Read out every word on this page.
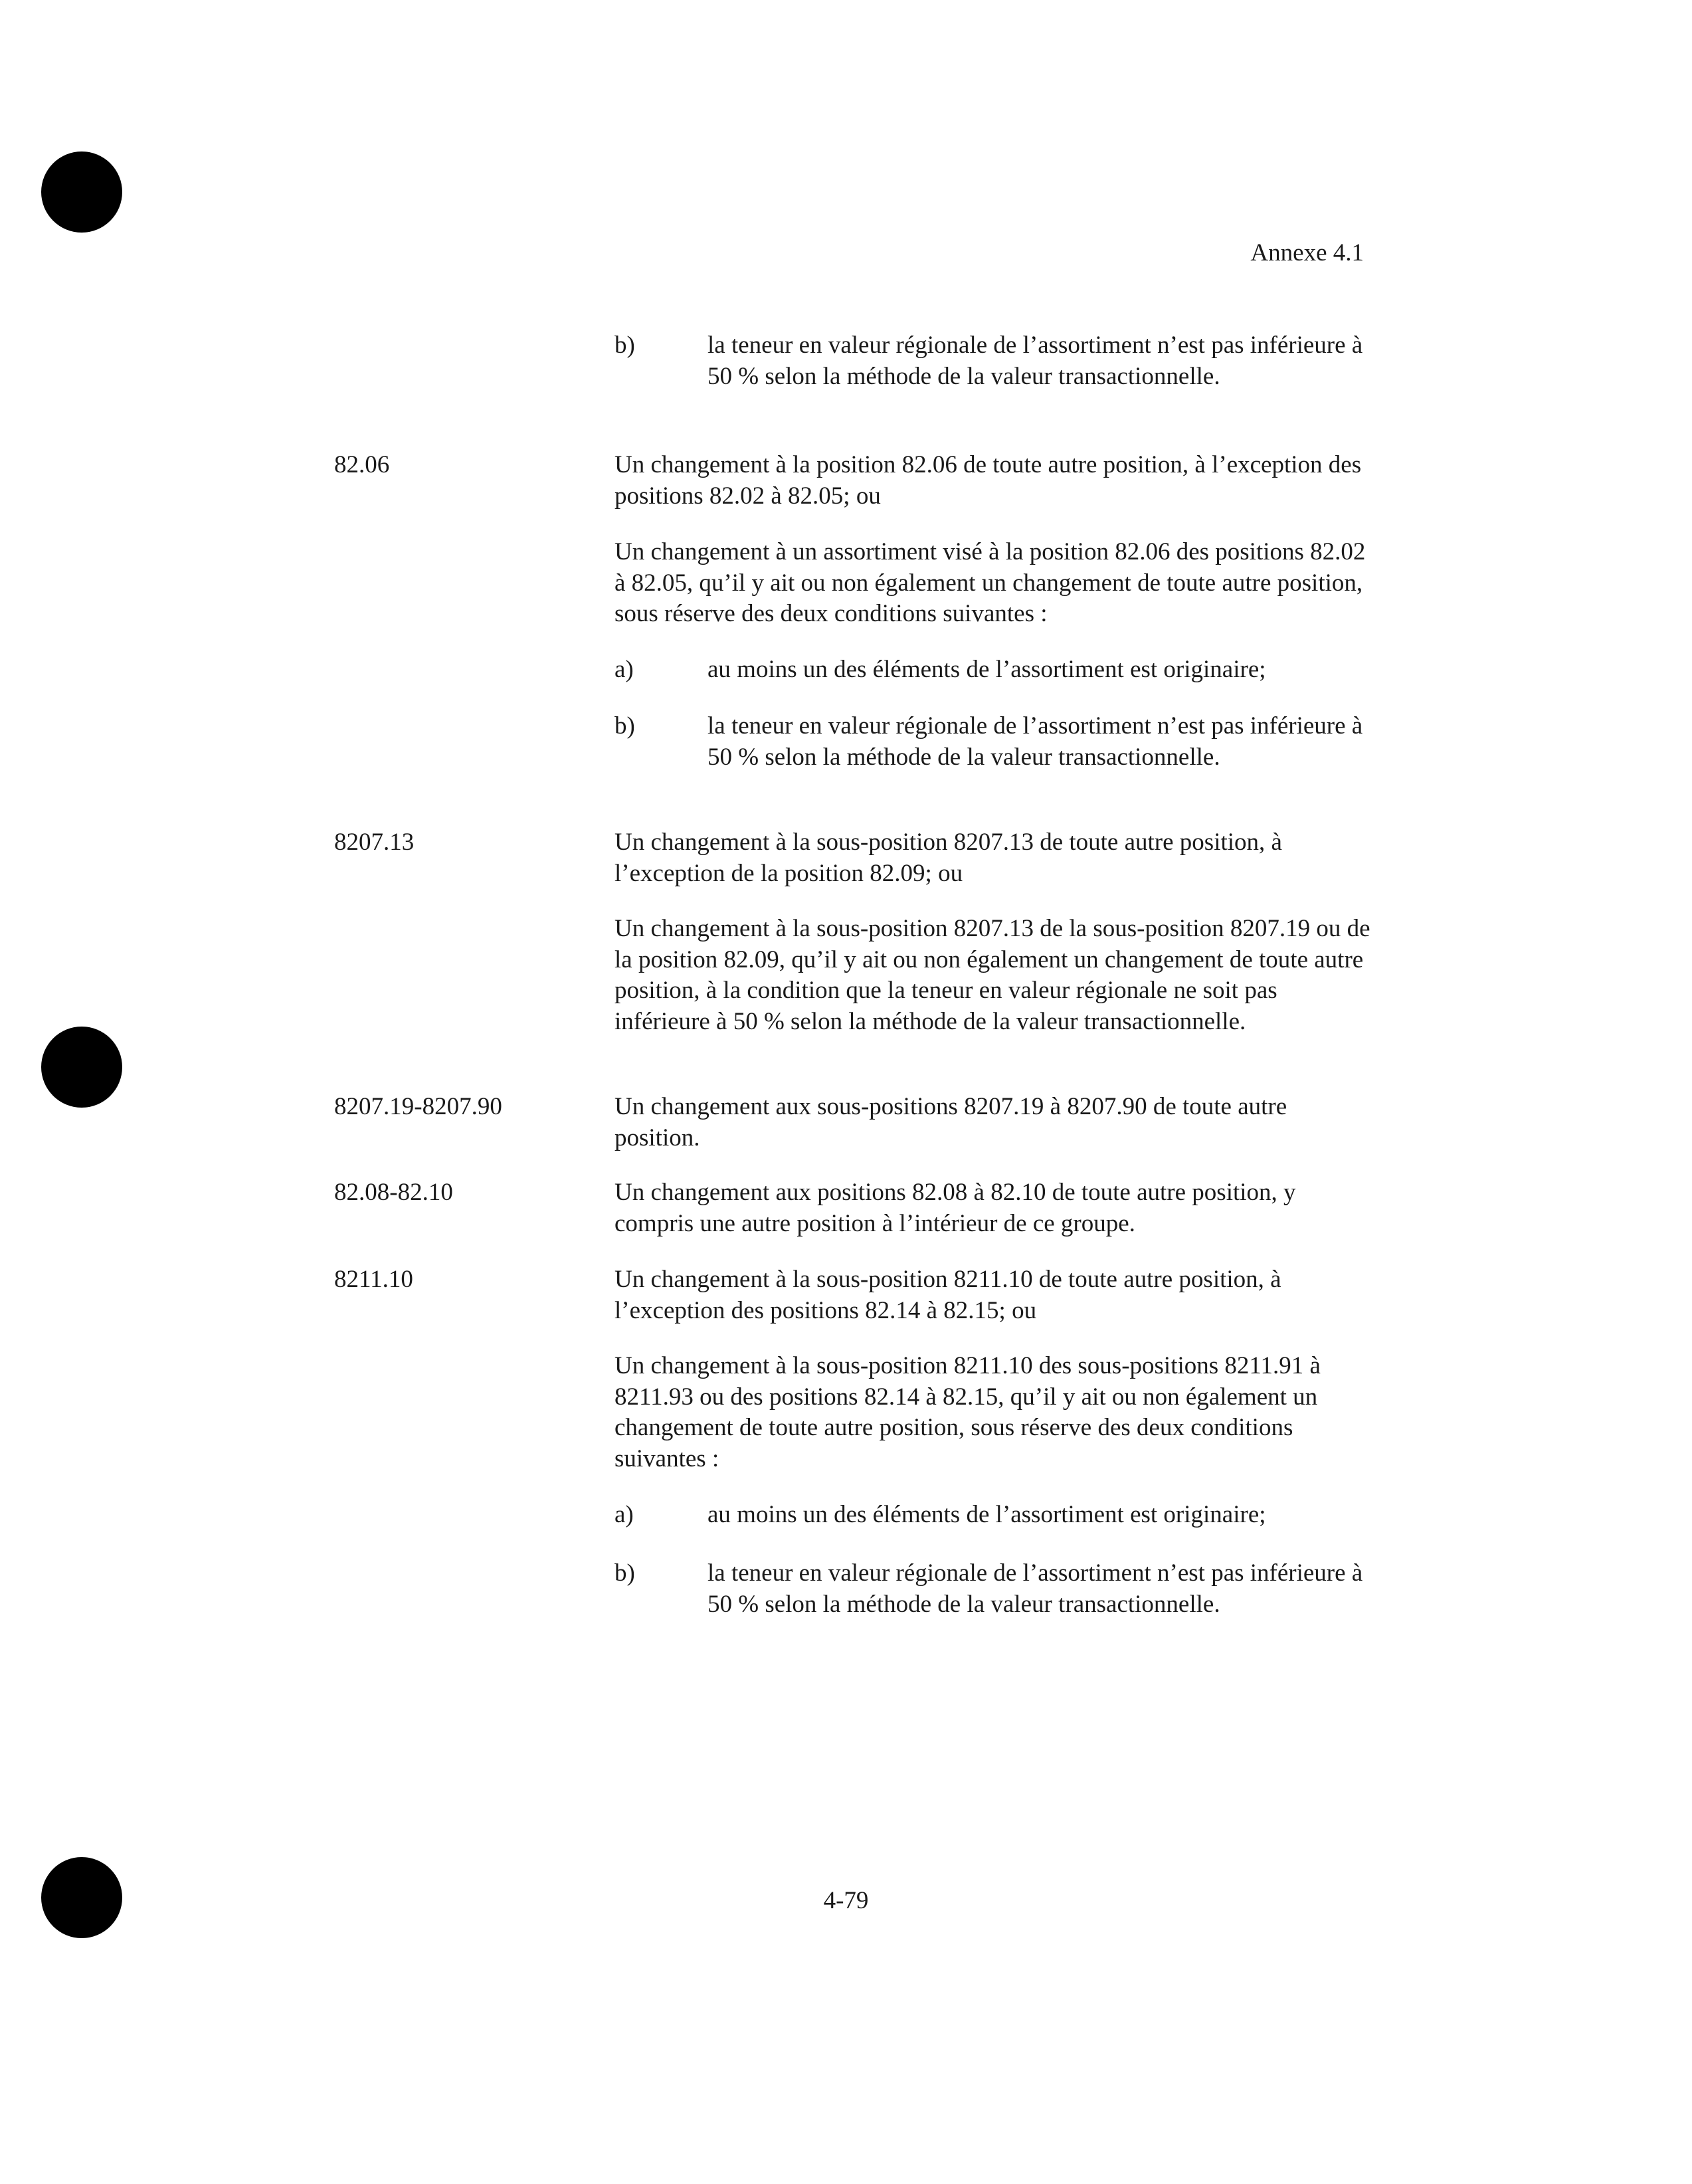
Annexe 4.1
b)	la teneur en valeur régionale de l’assortiment n’est pas inférieure à 50 % selon la méthode de la valeur transactionnelle.
82.06	Un changement à la position 82.06 de toute autre position, à l’exception des positions 82.02 à 82.05; ou
Un changement à un assortiment visé à la position 82.06 des positions 82.02 à 82.05, qu’il y ait ou non également un changement de toute autre position, sous réserve des deux conditions suivantes :
a)	au moins un des éléments de l’assortiment est originaire;
b)	la teneur en valeur régionale de l’assortiment n’est pas inférieure à 50 % selon la méthode de la valeur transactionnelle.
8207.13	Un changement à la sous-position 8207.13 de toute autre position, à l’exception de la position 82.09; ou
Un changement à la sous-position 8207.13 de la sous-position 8207.19 ou de la position 82.09, qu’il y ait ou non également un changement de toute autre position, à la condition que la teneur en valeur régionale ne soit pas inférieure à 50 % selon la méthode de la valeur transactionnelle.
8207.19-8207.90	Un changement aux sous-positions 8207.19 à 8207.90 de toute autre position.
82.08-82.10	Un changement aux positions 82.08 à 82.10 de toute autre position, y compris une autre position à l’intérieur de ce groupe.
8211.10	Un changement à la sous-position 8211.10 de toute autre position, à l’exception des positions 82.14 à 82.15; ou
Un changement à la sous-position 8211.10 des sous-positions 8211.91 à 8211.93 ou des positions 82.14 à 82.15, qu’il y ait ou non également un changement de toute autre position, sous réserve des deux conditions suivantes :
a)	au moins un des éléments de l’assortiment est originaire;
b)	la teneur en valeur régionale de l’assortiment n’est pas inférieure à 50 % selon la méthode de la valeur transactionnelle.
4-79
